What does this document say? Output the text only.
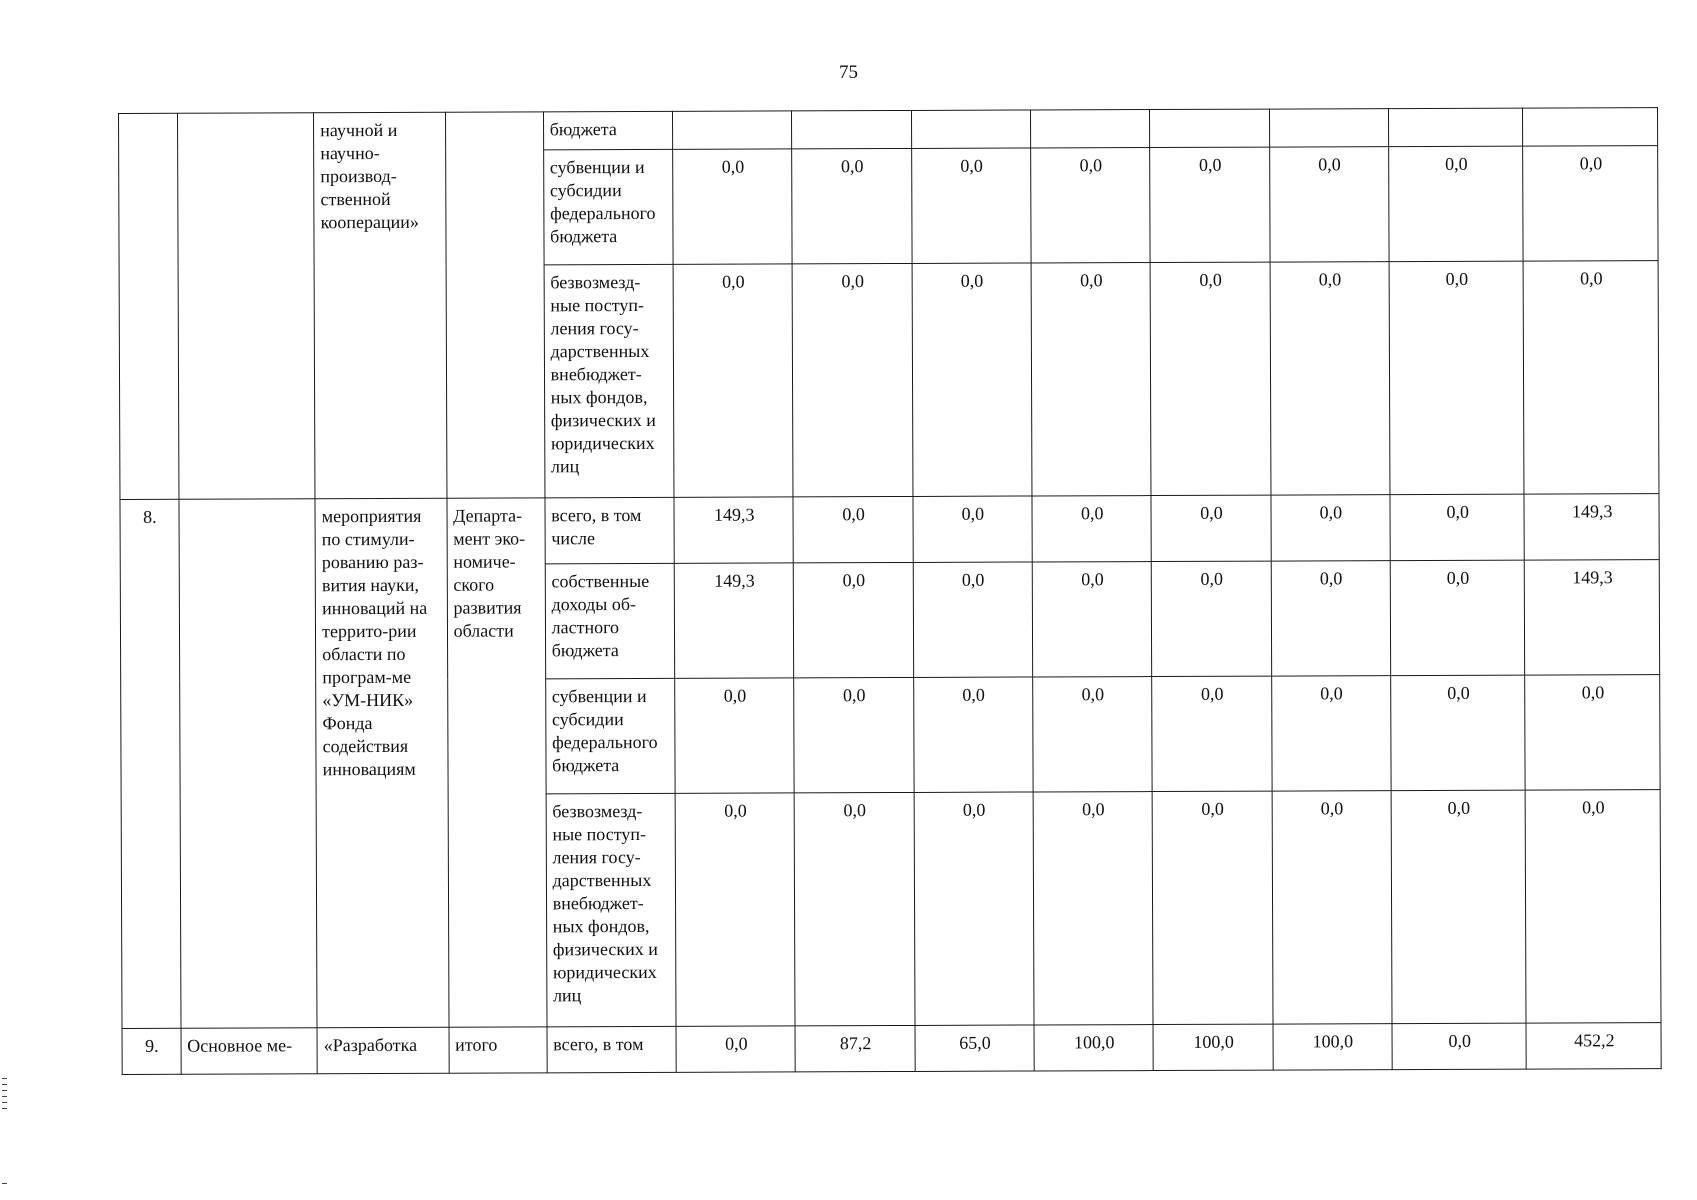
75
		научной и научно-производ-ственной кооперации»		бюджета								
				субвенции и субсидии федерального бюджета	0,0	0,0	0,0	0,0	0,0	0,0	0,0	0,0
				безвозмезд-ные поступ-ления госу-дарственных внебюджет-ных фондов, физических и юридических лиц	0,0	0,0	0,0	0,0	0,0	0,0	0,0	0,0
8.		мероприятия по стимули-рованию раз-вития науки, инноваций на террито-рии области по програм-ме «УМ-НИК» Фонда содействия инновациям	Департа-мент эко-номиче-ского развития области	всего, в том числе	149,3	0,0	0,0	0,0	0,0	0,0	0,0	149,3
				собственные доходы об-ластного бюджета	149,3	0,0	0,0	0,0	0,0	0,0	0,0	149,3
				субвенции и субсидии федерального бюджета	0,0	0,0	0,0	0,0	0,0	0,0	0,0	0,0
				безвозмезд-ные поступ-ления госу-дарственных внебюджет-ных фондов, физических и юридических лиц	0,0	0,0	0,0	0,0	0,0	0,0	0,0	0,0
9.	Основное ме-	«Разработка	итого	всего, в том	0,0	87,2	65,0	100,0	100,0	100,0	0,0	452,2
